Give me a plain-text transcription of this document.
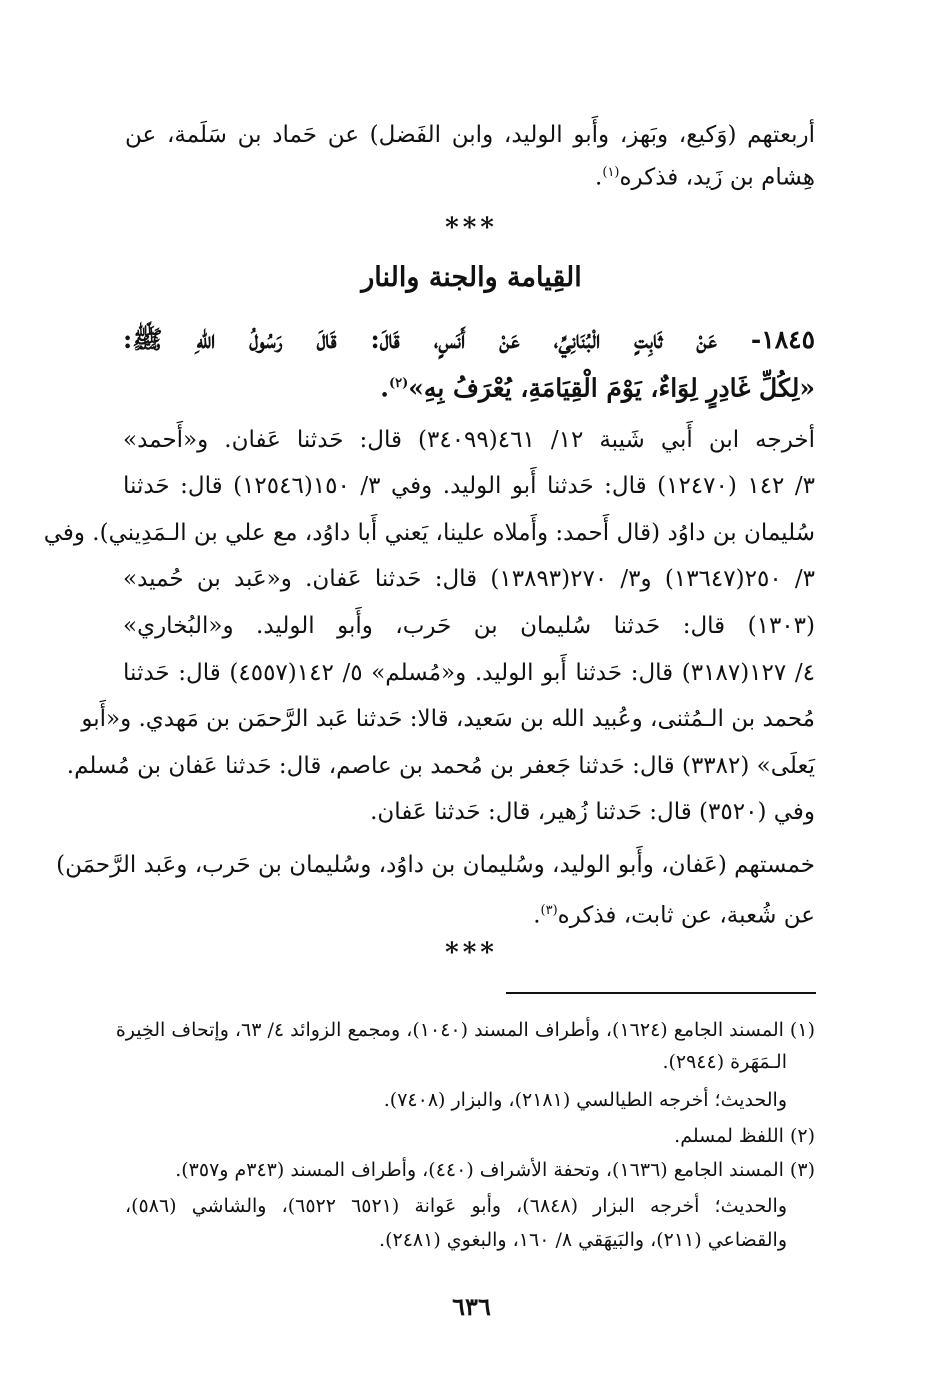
أربعتهم (وَكيع، وبَهز، وأَبو الوليد، وابن الفَضل) عن حَماد بن سَلَمة، عن
هِشام بن زَيد، فذكره$^{(١)}$.
***
القِيامة والجنة والنار
١٨٤٥- عَنْ ثَابِتٍ الْبُنَانِيِّ، عَنْ أَنَسٍ، قَالَ: قَالَ رَسُولُ اللهِ ﷺ:
«لِكُلِّ غَادِرٍ لِوَاءٌ، يَوْمَ الْقِيَامَةِ، يُعْرَفُ بِهِ»$^{(٢)}$.
أخرجه ابن أَبي شَيبة ١٢/ ٤٦١(٣٤٠٩٩) قال: حَدثنا عَفان. و«أَحمد»
٣/ ١٤٢ (١٢٤٧٠) قال: حَدثنا أَبو الوليد. وفي ٣/ ١٥٠(١٢٥٤٦) قال: حَدثنا
سُليمان بن داوُد (قال أَحمد: وأَملاه علينا، يَعني أَبا داوُد، مع علي بن الـمَدِيني). وفي
٣/ ٢٥٠(١٣٦٤٧) و٣/ ٢٧٠(١٣٨٩٣) قال: حَدثنا عَفان. و«عَبد بن حُميد»
(١٣٠٣) قال: حَدثنا سُليمان بن حَرب، وأَبو الوليد. و«البُخاري»
٤/ ١٢٧(٣١٨٧) قال: حَدثنا أَبو الوليد. و«مُسلم» ٥/ ١٤٢(٤٥٥٧) قال: حَدثنا
مُحمد بن الـمُثنى، وعُبيد الله بن سَعيد، قالا: حَدثنا عَبد الرَّحمَن بن مَهدي. و«أَبو
يَعلَى» (٣٣٨٢) قال: حَدثنا جَعفر بن مُحمد بن عاصم، قال: حَدثنا عَفان بن مُسلم.
وفي (٣٥٢٠) قال: حَدثنا زُهير، قال: حَدثنا عَفان.
خمستهم (عَفان، وأَبو الوليد، وسُليمان بن داوُد، وسُليمان بن حَرب، وعَبد الرَّحمَن)
عن شُعبة، عن ثابت، فذكره$^{(٣)}$.
***
(١) المسند الجامع (١٦٢٤)، وأطراف المسند (١٠٤٠)، ومجمع الزوائد ٤/ ٦٣، وإتحاف الخِيرة
الـمَهَرة (٢٩٤٤).
والحديث؛ أخرجه الطيالسي (٢١٨١)، والبزار (٧٤٠٨).
(٢) اللفظ لمسلم.
(٣) المسند الجامع (١٦٣٦)، وتحفة الأشراف (٤٤٠)، وأطراف المسند (٣٤٣م و٣٥٧).
والحديث؛ أخرجه البزار (٦٨٤٨)، وأبو عَوانة (٦٥٢١ ٦٥٢٢)، والشاشي (٥٨٦)،
والقضاعي (٢١١)، والبَيهَقي ٨/ ١٦٠، والبغوي (٢٤٨١).
٦٣٦
